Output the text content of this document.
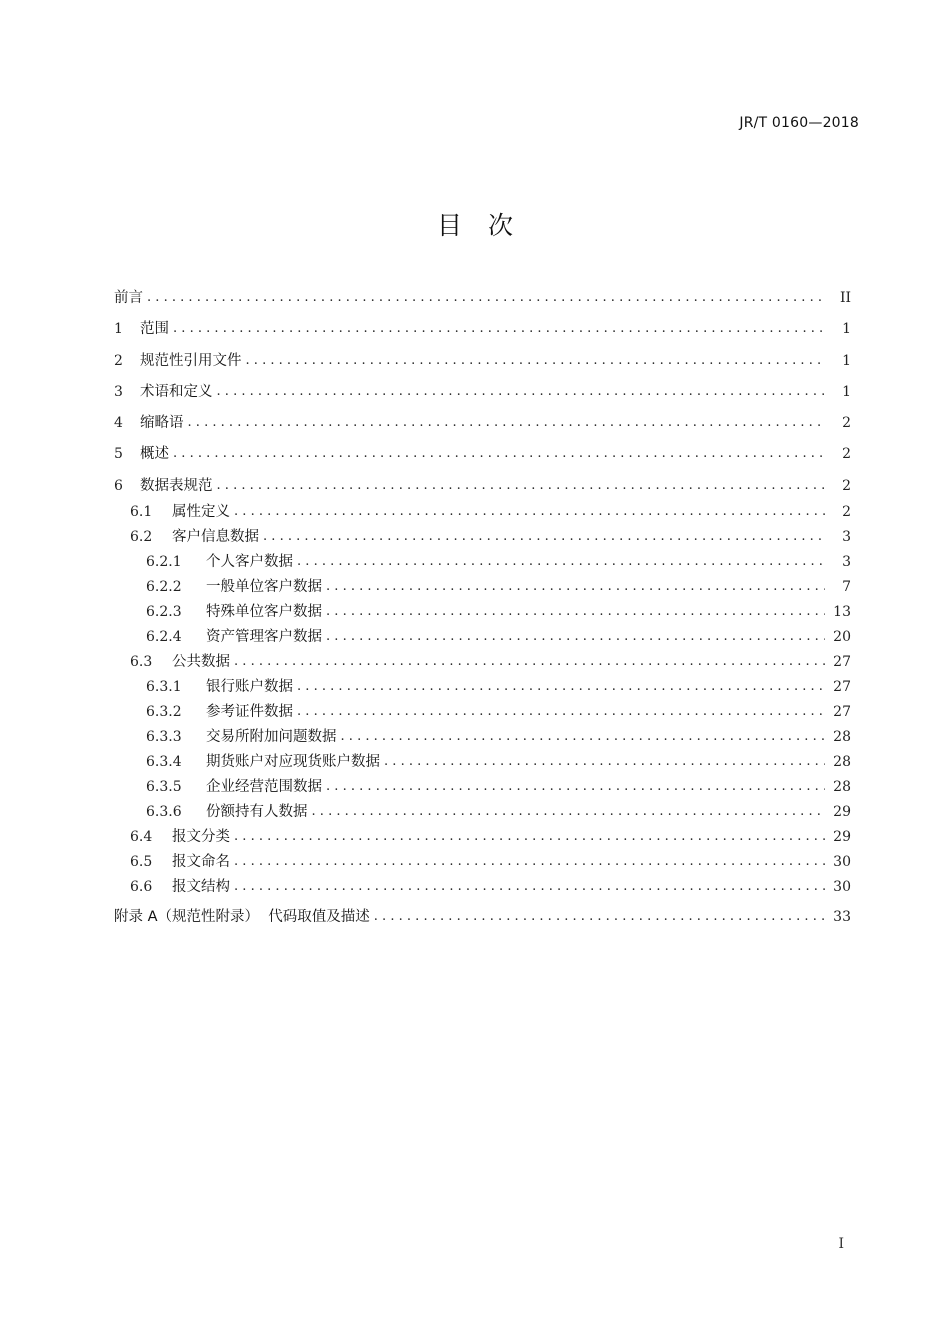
JR/T 0160—2018
目 次
前言 .....	II
1	范围 .....	1
2	规范性引用文件 .....	1
3	术语和定义 .....	1
4	缩略语 .....	2
5	概述 .....	2
6	数据表规范 .....	2
6.1	属性定义 .....	2
6.2	客户信息数据 .....	3
6.2.1	个人客户数据 .....	3
6.2.2	一般单位客户数据 .....	7
6.2.3	特殊单位客户数据 .....	13
6.2.4	资产管理客户数据 .....	20
6.3	公共数据 .....	27
6.3.1	银行账户数据 .....	27
6.3.2	参考证件数据 .....	27
6.3.3	交易所附加问题数据 .....	28
6.3.4	期货账户对应现货账户数据 .....	28
6.3.5	企业经营范围数据 .....	28
6.3.6	份额持有人数据 .....	29
6.4	报文分类 .....	29
6.5	报文命名 .....	30
6.6	报文结构 .....	30
附录 A（规范性附录）  代码取值及描述 .....	33
I
